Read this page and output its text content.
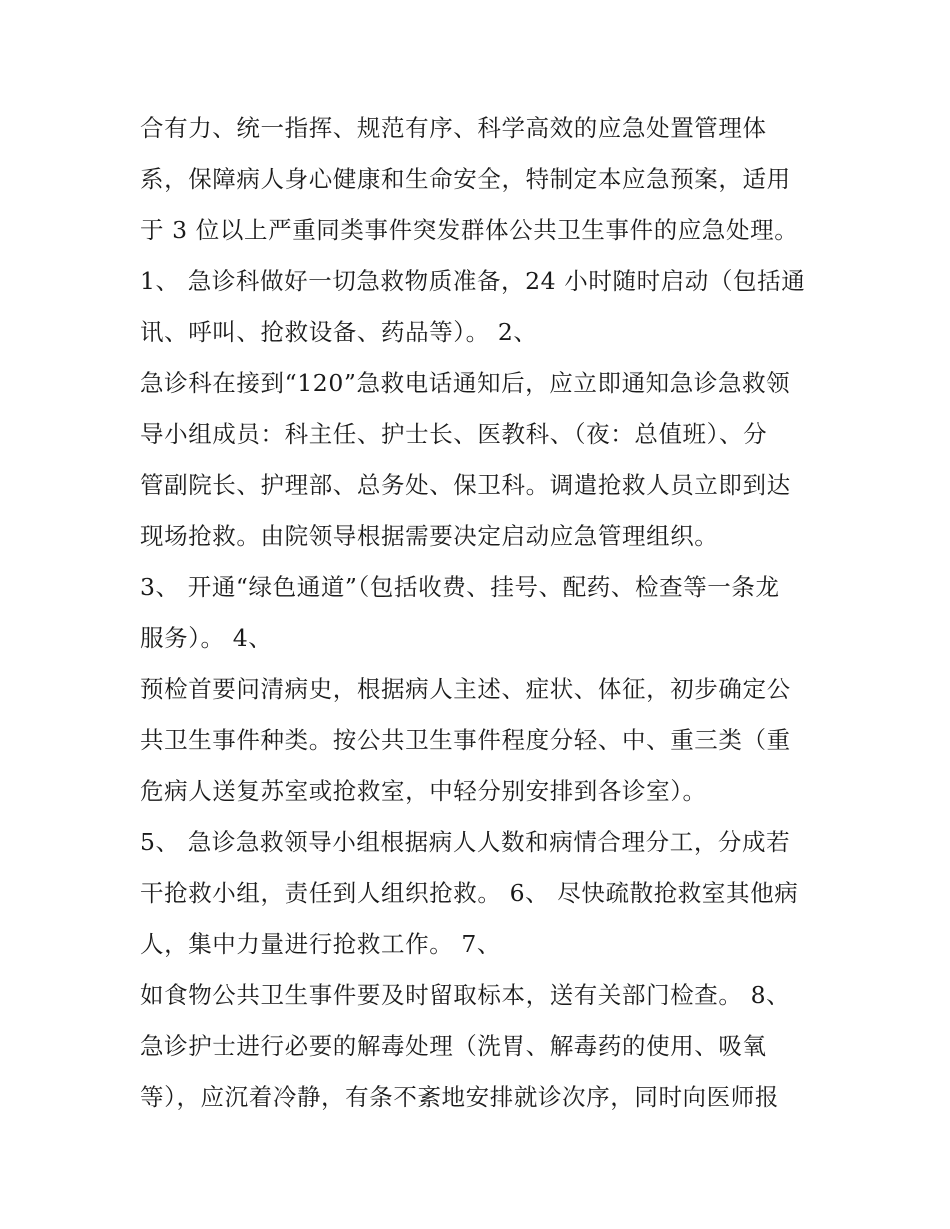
合有力、统一指挥、规范有序、科学高效的应急处置管理体
系，保障病人身心健康和生命安全，特制定本应急预案，适用
于 3 位以上严重同类事件突发群体公共卫生事件的应急处理。
1、 急诊科做好一切急救物质准备，24 小时随时启动（包括通
讯、呼叫、抢救设备、药品等）。 2、
急诊科在接到“120”急救电话通知后，应立即通知急诊急救领
导小组成员：科主任、护士长、医教科、（夜：总值班）、分
管副院长、护理部、总务处、保卫科。调遣抢救人员立即到达
现场抢救。由院领导根据需要决定启动应急管理组织。
3、 开通“绿色通道”（包括收费、挂号、配药、检查等一条龙
服务）。 4、
预检首要问清病史，根据病人主述、症状、体征，初步确定公
共卫生事件种类。按公共卫生事件程度分轻、中、重三类（重
危病人送复苏室或抢救室，中轻分别安排到各诊室）。
5、 急诊急救领导小组根据病人人数和病情合理分工，分成若
干抢救小组，责任到人组织抢救。 6、 尽快疏散抢救室其他病
人，集中力量进行抢救工作。 7、
如食物公共卫生事件要及时留取标本，送有关部门检查。 8、
急诊护士进行必要的解毒处理（洗胃、解毒药的使用、吸氧
等），应沉着冷静，有条不紊地安排就诊次序，同时向医师报
